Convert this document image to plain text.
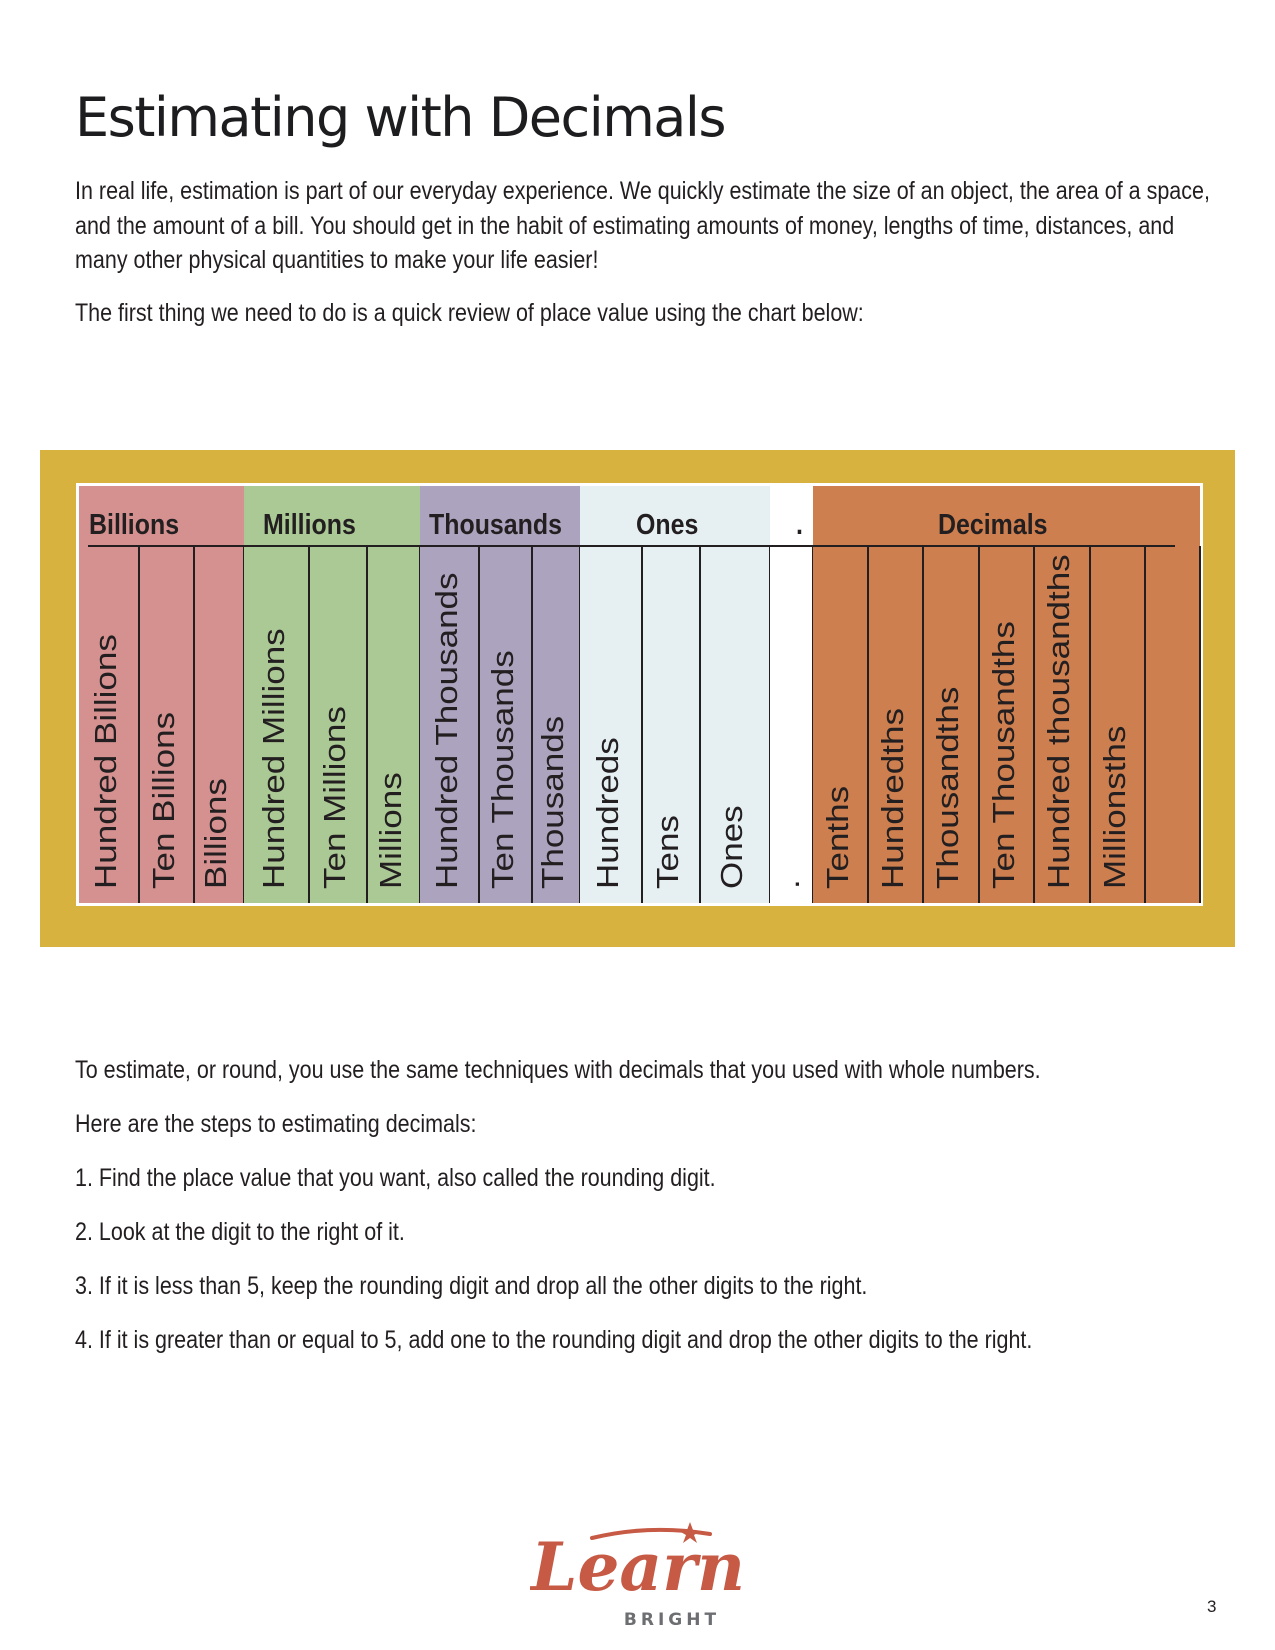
Estimating with Decimals

In real life, estimation is part of our everyday experience. We quickly estimate the size of an object, the area of a space, and the amount of a bill. You should get in the habit of estimating amounts of money, lengths of time, distances, and many other physical quantities to make your life easier!

The first thing we need to do is a quick review of place value using the chart below:

Billions
Hundred Billions Ten Billions Billions
Millions
Hundred Millions Ten Millions Millions
Thousands
Hundred Thousands Ten Thousands Thousands
Ones
Hundreds Tens Ones
.
.
Decimals
Tenths Hundredths Thousandths Ten Thousandths Hundred thousandths Millionsths

To estimate, or round, you use the same techniques with decimals that you used with whole numbers.

Here are the steps to estimating decimals:

1. Find the place value that you want, also called the rounding digit.

2. Look at the digit to the right of it.

3. If it is less than 5, keep the rounding digit and drop all the other digits to the right.

4. If it is greater than or equal to 5, add one to the rounding digit and drop the other digits to the right.

Learn
BRIGHT
3
